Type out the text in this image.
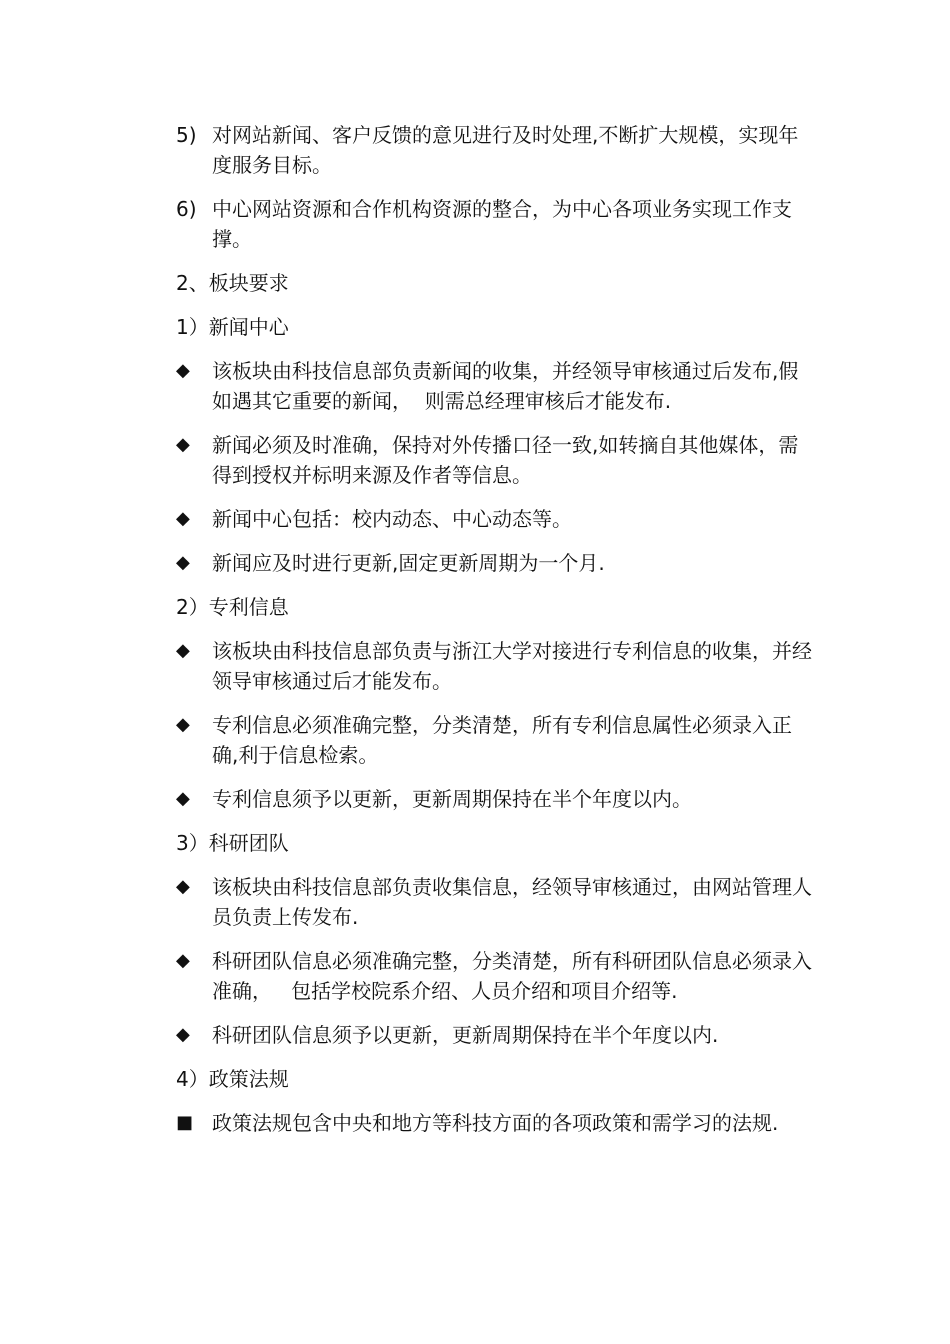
5) 对网站新闻、客户反馈的意见进行及时处理,不断扩大规模，实现年度服务目标。
6) 中心网站资源和合作机构资源的整合，为中心各项业务实现工作支撑。
2、板块要求
1）新闻中心
◆	该板块由科技信息部负责新闻的收集，并经领导审核通过后发布,假如遇其它重要的新闻，  则需总经理审核后才能发布.
◆	新闻必须及时准确，保持对外传播口径一致,如转摘自其他媒体，需得到授权并标明来源及作者等信息。
◆	新闻中心包括：校内动态、中心动态等。
◆	新闻应及时进行更新,固定更新周期为一个月.
2）专利信息
◆	该板块由科技信息部负责与浙江大学对接进行专利信息的收集，并经领导审核通过后才能发布。
◆	专利信息必须准确完整，分类清楚，所有专利信息属性必须录入正确,利于信息检索。
◆	专利信息须予以更新，更新周期保持在半个年度以内。
3）科研团队
◆	该板块由科技信息部负责收集信息，经领导审核通过，由网站管理人员负责上传发布.
◆	科研团队信息必须准确完整，分类清楚，所有科研团队信息必须录入准确，   包括学校院系介绍、人员介绍和项目介绍等.
◆	科研团队信息须予以更新，更新周期保持在半个年度以内.
4）政策法规
■ 政策法规包含中央和地方等科技方面的各项政策和需学习的法规.
